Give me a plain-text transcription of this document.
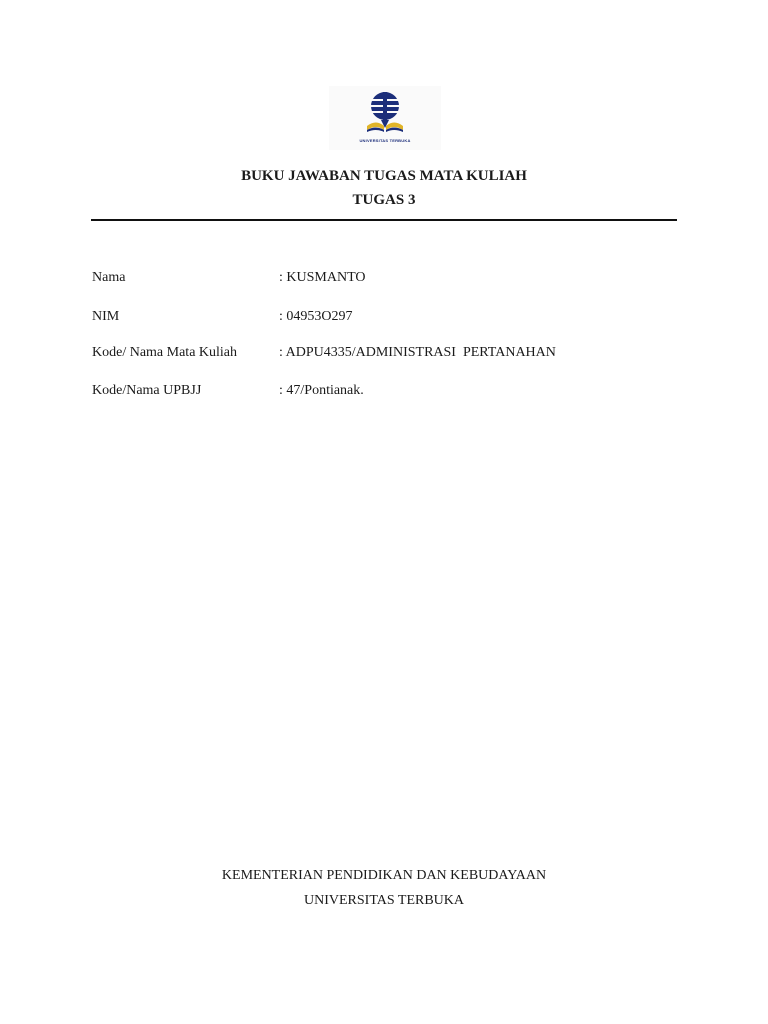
UNIVERSITAS TERBUKA
BUKU JAWABAN TUGAS MATA KULIAH
TUGAS 3

Nama

	: KUSMANTO

NIM

	: 04953O297

Kode/ Nama Mata Kuliah

	: ADPU4335/ADMINISTRASI  PERTANAHAN

Kode/Nama UPBJJ

	: 47/Pontianak.

KEMENTERIAN PENDIDIKAN DAN KEBUDAYAAN
UNIVERSITAS TERBUKA
